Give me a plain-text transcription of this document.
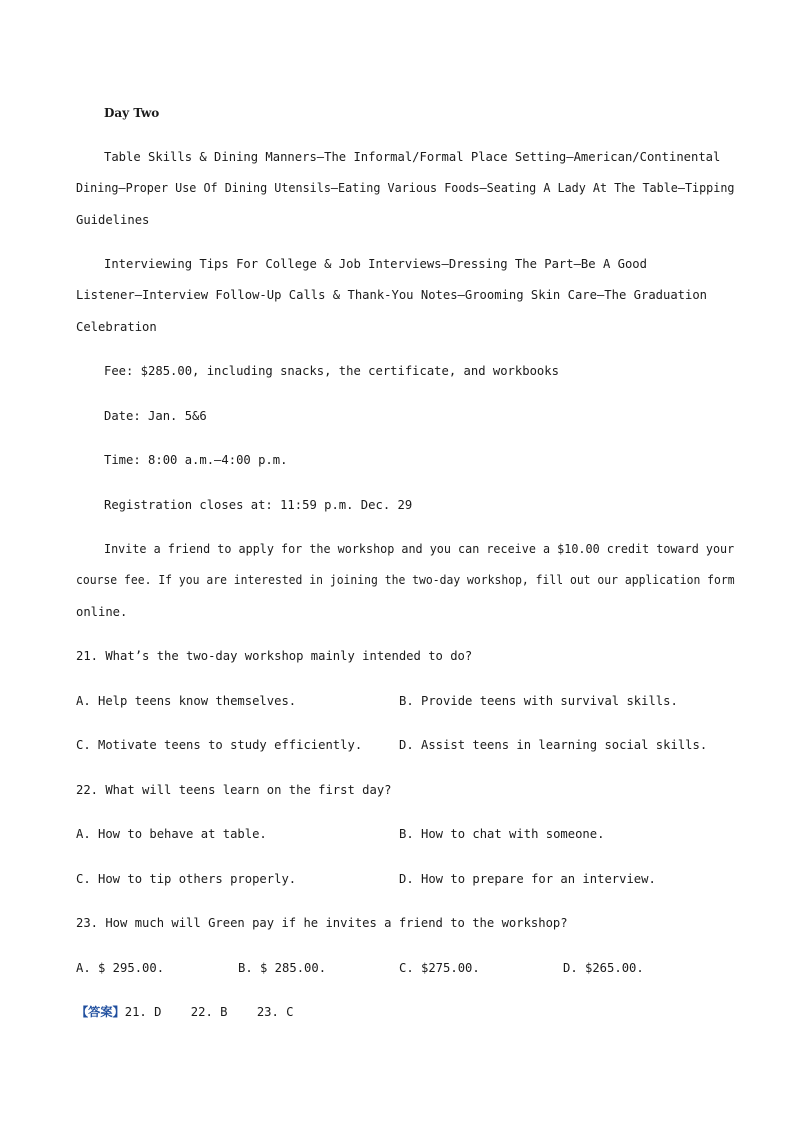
Day Two
Table Skills & Dining Manners—The Informal/Formal Place Setting—American/Continental
Dining—Proper Use Of Dining Utensils—Eating Various Foods—Seating A Lady At The Table—Tipping
Guidelines
Interviewing Tips For College & Job Interviews—Dressing The Part—Be A Good
Listener—Interview Follow-Up Calls & Thank-You Notes—Grooming Skin Care—The Graduation
Celebration
Fee: $285.00, including snacks, the certificate, and workbooks
Date: Jan. 5&6
Time: 8:00 a.m.—4:00 p.m.
Registration closes at: 11:59 p.m. Dec. 29
Invite a friend to apply for the workshop and you can receive a $10.00 credit toward your
course fee. If you are interested in joining the two-day workshop, fill out our application form
online.
21. What’s the two-day workshop mainly intended to do?
A. Help teens know themselves.	B. Provide teens with survival skills.
C. Motivate teens to study efficiently.	D. Assist teens in learning social skills.
22. What will teens learn on the first day?
A. How to behave at table.	B. How to chat with someone.
C. How to tip others properly.	D. How to prepare for an interview.
23. How much will Green pay if he invites a friend to the workshop?
A. $ 295.00.	B. $ 285.00.	C. $275.00.	D. $265.00.
【答案】21. D    22. B    23. C
